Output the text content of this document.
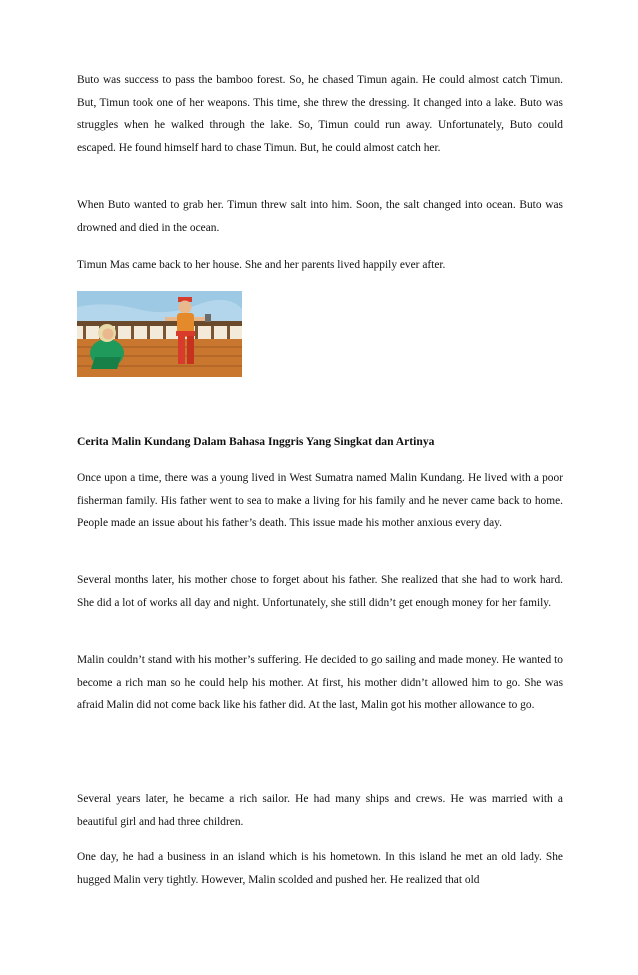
Buto was success to pass the bamboo forest. So, he chased Timun again. He could almost catch Timun. But, Timun took one of her weapons. This time, she threw the dressing. It changed into a lake. Buto was struggles when he walked through the lake. So, Timun could run away. Unfortunately, Buto could escaped. He found himself hard to chase Timun. But, he could almost catch her.

When Buto wanted to grab her. Timun threw salt into him. Soon, the salt changed into ocean. Buto was drowned and died in the ocean.

Timun Mas came back to her house. She and her parents lived happily ever after.

Cerita Malin Kundang Dalam Bahasa Inggris Yang Singkat dan Artinya

Once upon a time, there was a young lived in West Sumatra named Malin Kundang. He lived with a poor fisherman family. His father went to sea to make a living for his family and he never came back to home. People made an issue about his father’s death. This issue made his mother anxious every day.

Several months later, his mother chose to forget about his father. She realized that she had to work hard. She did a lot of works all day and night. Unfortunately, she still didn’t get enough money for her family.

Malin couldn’t stand with his mother’s suffering. He decided to go sailing and made money. He wanted to become a rich man so he could help his mother. At first, his mother didn’t allowed him to go. She was afraid Malin did not come back like his father did. At the last, Malin got his mother allowance to go.

Several years later, he became a rich sailor. He had many ships and crews. He was married with a beautiful girl and had three children.

One day, he had a business in an island which is his hometown. In this island he met an old lady. She hugged Malin very tightly. However, Malin scolded and pushed her. He realized that old
